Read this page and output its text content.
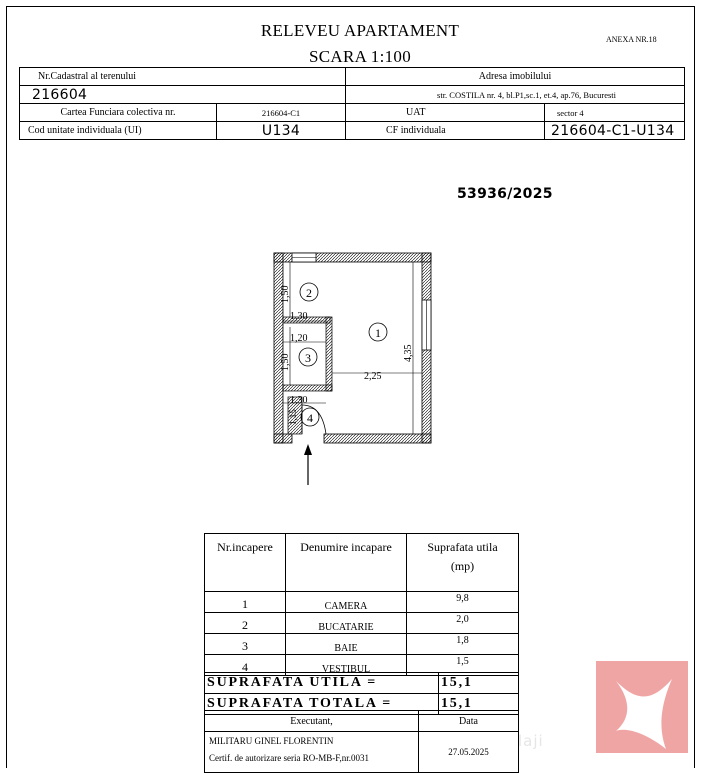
RELEVEU APARTAMENT
SCARA 1:100
ANEXA NR.18
Nr.Cadastral al terenului		Adresa imobilului	
216604		str. COSTILA nr. 4, bl.P1,sc.1, et.4, ap.76, Bucuresti	
Cartea Funciara colectiva nr.	216604-C1	UAT	sector 4
Cod unitate individuala (UI)	U134	CF individuala	216604-C1-U134
53936/2025
1
2
3
4
1,50
1,30
1,20
1,50
2,25
4,35
1,30
1,15
Nr.incapere	Denumire incapare	Suprafata utila
(mp)

1	CAMERA	9,8
2	BUCATARIE	2,0
3	BAIE	1,8
4	VESTIBUL	1,5
SUPRAFATA UTILA =	15,1
SUPRAFATA TOTALA =	15,1
Executant,	Data

MILITARU GINEL FLORENTIN
Certif. de autorizare seria RO-MB-F,nr.0031	27.05.2025
laji
